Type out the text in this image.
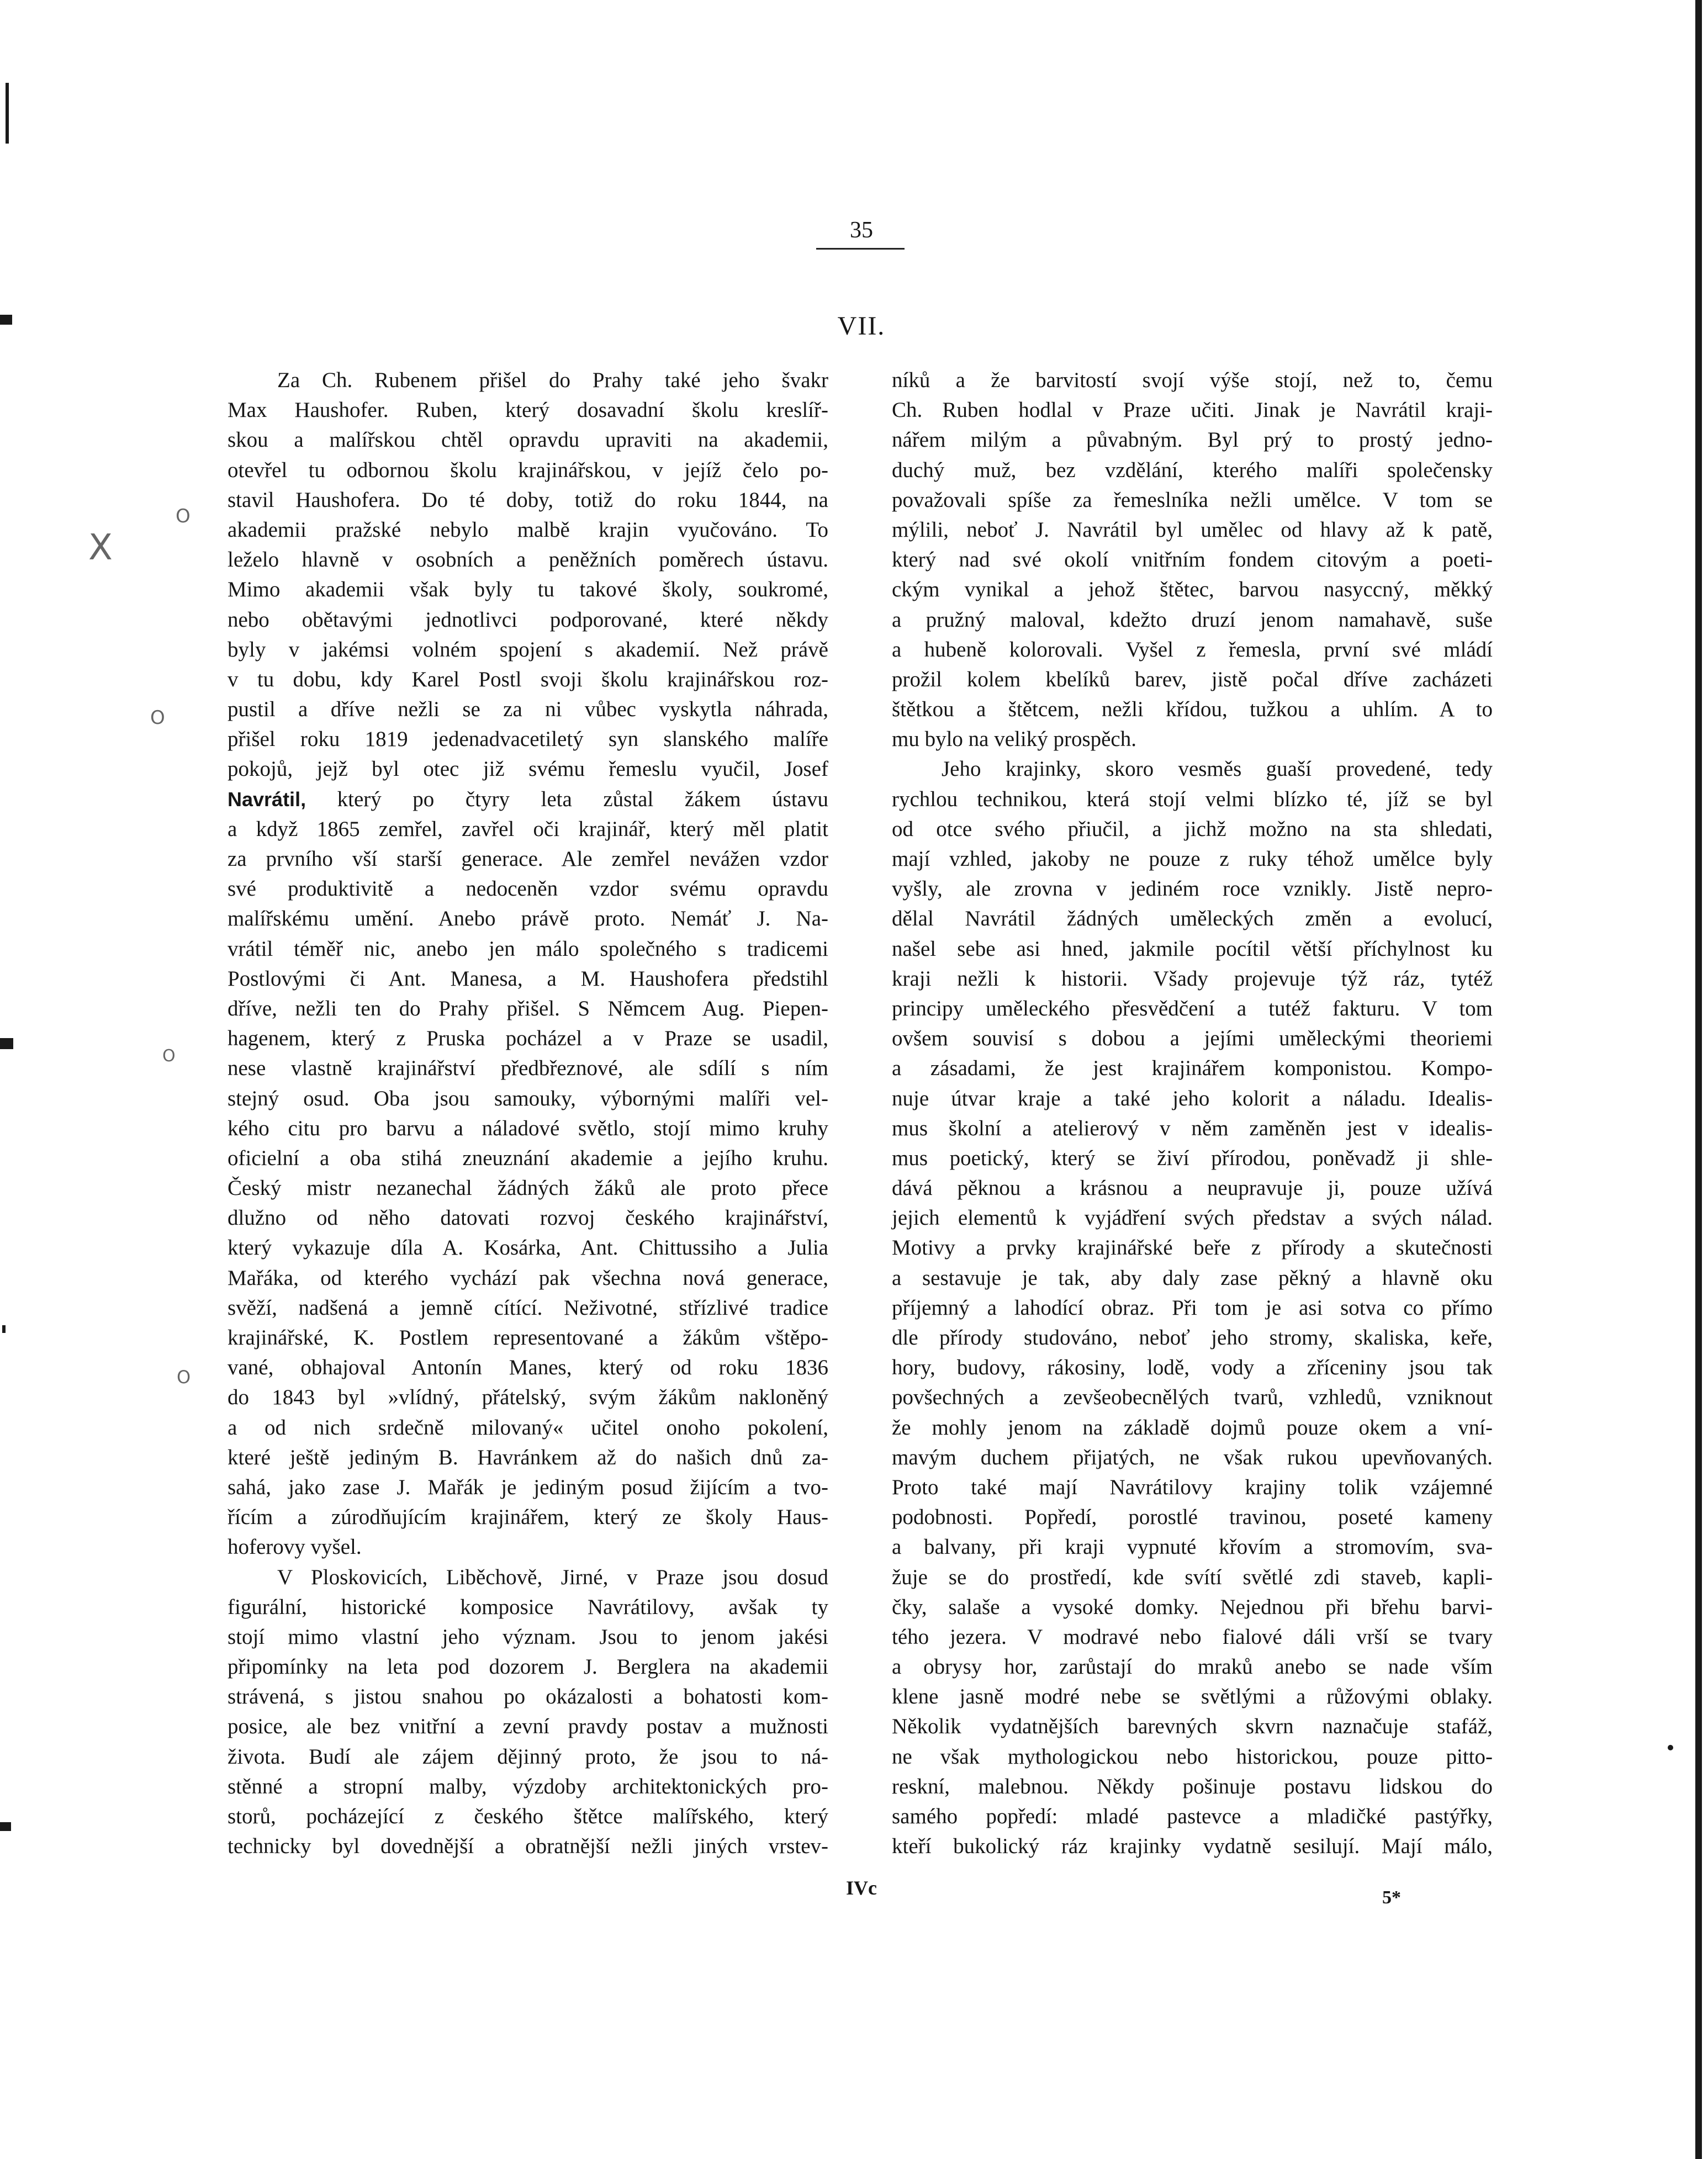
35
VII.
Za Ch. Rubenem přišel do Prahy také jeho švakr
Max Haushofer. Ruben, který dosavadní školu kreslíř-
skou a malířskou chtěl opravdu upraviti na akademii,
otevřel tu odbornou školu krajinářskou, v jejíž čelo po-
stavil Haushofera. Do té doby, totiž do roku 1844, na
akademii pražské nebylo malbě krajin vyučováno. To
leželo hlavně v osobních a peněžních poměrech ústavu.
Mimo akademii však byly tu takové školy, soukromé,
nebo obětavými jednotlivci podporované, které někdy
byly v jakémsi volném spojení s akademií. Než právě
v tu dobu, kdy Karel Postl svoji školu krajinářskou roz-
pustil a dříve nežli se za ni vůbec vyskytla náhrada,
přišel roku 1819 jedenadvacetiletý syn slanského malíře
pokojů, jejž byl otec již svému řemeslu vyučil, Josef
Navrátil, který po čtyry leta zůstal žákem ústavu
a když 1865 zemřel, zavřel oči krajinář, který měl platit
za prvního vší starší generace. Ale zemřel nevážen vzdor
své produktivitě a nedoceněn vzdor svému opravdu
malířskému umění. Anebo právě proto. Nemáť J. Na-
vrátil téměř nic, anebo jen málo společného s tradicemi
Postlovými či Ant. Manesa, a M. Haushofera předstihl
dříve, nežli ten do Prahy přišel. S Němcem Aug. Piepen-
hagenem, který z Pruska pocházel a v Praze se usadil,
nese vlastně krajinářství předbřeznové, ale sdílí s ním
stejný osud. Oba jsou samouky, výbornými malíři vel-
kého citu pro barvu a náladové světlo, stojí mimo kruhy
oficielní a oba stihá zneuznání akademie a jejího kruhu.
Český mistr nezanechal žádných žáků ale proto přece
dlužno od něho datovati rozvoj českého krajinářství,
který vykazuje díla A. Kosárka, Ant. Chittussiho a Julia
Mařáka, od kterého vychází pak všechna nová generace,
svěží, nadšená a jemně cítící. Neživotné, střízlivé tradice
krajinářské, K. Postlem representované a žákům vštěpo-
vané, obhajoval Antonín Manes, který od roku 1836
do 1843 byl »vlídný, přátelský, svým žákům nakloněný
a od nich srdečně milovaný« učitel onoho pokolení,
které ještě jediným B. Havránkem až do našich dnů za-
sahá, jako zase J. Mařák je jediným posud žijícím a tvo-
řícím a zúrodňujícím krajinářem, který ze školy Haus-
hoferovy vyšel.
V Ploskovicích, Liběchově, Jirné, v Praze jsou dosud
figurální, historické komposice Navrátilovy, avšak ty
stojí mimo vlastní jeho význam. Jsou to jenom jakési
připomínky na leta pod dozorem J. Berglera na akademii
strávená, s jistou snahou po okázalosti a bohatosti kom-
posice, ale bez vnitřní a zevní pravdy postav a mužnosti
života. Budí ale zájem dějinný proto, že jsou to ná-
stěnné a stropní malby, výzdoby architektonických pro-
storů, pocházející z českého štětce malířského, který
technicky byl dovednější a obratnější nežli jiných vrstev-
níků a že barvitostí svojí výše stojí, než to, čemu
Ch. Ruben hodlal v Praze učiti. Jinak je Navrátil kraji-
nářem milým a půvabným. Byl prý to prostý jedno-
duchý muž, bez vzdělání, kterého malíři společensky
považovali spíše za řemeslníka nežli umělce. V tom se
mýlili, neboť J. Navrátil byl umělec od hlavy až k patě,
který nad své okolí vnitřním fondem citovým a poeti-
ckým vynikal a jehož štětec, barvou nasyccný, měkký
a pružný maloval, kdežto druzí jenom namahavě, suše
a hubeně kolorovali. Vyšel z řemesla, první své mládí
prožil kolem kbelíků barev, jistě počal dříve zacházeti
štětkou a štětcem, nežli křídou, tužkou a uhlím. A to
mu bylo na veliký prospěch.
Jeho krajinky, skoro vesměs guaší provedené, tedy
rychlou technikou, která stojí velmi blízko té, jíž se byl
od otce svého přiučil, a jichž možno na sta shledati,
mají vzhled, jakoby ne pouze z ruky téhož umělce byly
vyšly, ale zrovna v jediném roce vznikly. Jistě nepro-
dělal Navrátil žádných uměleckých změn a evolucí,
našel sebe asi hned, jakmile pocítil větší příchylnost ku
kraji nežli k historii. Všady projevuje týž ráz, tytéž
principy uměleckého přesvědčení a tutéž fakturu. V tom
ovšem souvisí s dobou a jejími uměleckými theoriemi
a zásadami, že jest krajinářem komponistou. Kompo-
nuje útvar kraje a také jeho kolorit a náladu. Idealis-
mus školní a atelierový v něm zaměněn jest v idealis-
mus poetický, který se živí přírodou, poněvadž ji shle-
dává pěknou a krásnou a neupravuje ji, pouze užívá
jejich elementů k vyjádření svých představ a svých nálad.
Motivy a prvky krajinářské beře z přírody a skutečnosti
a sestavuje je tak, aby daly zase pěkný a hlavně oku
příjemný a lahodící obraz. Při tom je asi sotva co přímo
dle přírody studováno, neboť jeho stromy, skaliska, keře,
hory, budovy, rákosiny, lodě, vody a zříceniny jsou tak
povšechných a zevšeobecnělých tvarů, vzhledů, vzniknout
že mohly jenom na základě dojmů pouze okem a vní-
mavým duchem přijatých, ne však rukou upevňovaných.
Proto také mají Navrátilovy krajiny tolik vzájemné
podobnosti. Popředí, porostlé travinou, poseté kameny
a balvany, při kraji vypnuté křovím a stromovím, sva-
žuje se do prostředí, kde svítí světlé zdi staveb, kapli-
čky, salaše a vysoké domky. Nejednou při břehu barvi-
tého jezera. V modravé nebo fialové dáli vrší se tvary
a obrysy hor, zarůstají do mraků anebo se nade vším
klene jasně modré nebe se světlými a růžovými oblaky.
Několik vydatnějších barevných skvrn naznačuje stafáž,
ne však mythologickou nebo historickou, pouze pitto-
reskní, malebnou. Někdy pošinuje postavu lidskou do
samého popředí: mladé pastevce a mladičké pastýřky,
kteří bukolický ráz krajinky vydatně sesilují. Mají málo,
IVc	5*
X
O
O
O
O
